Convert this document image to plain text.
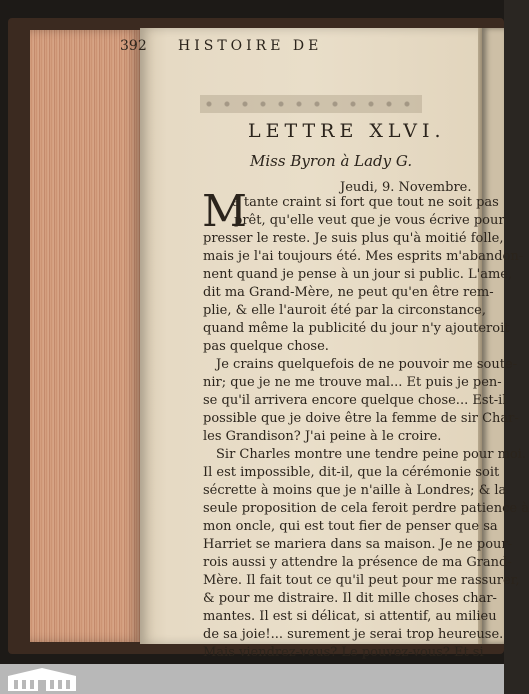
392 HISTOIRE DE
LETTRE XLVI.
Miss Byron à Lady G.
Jeudi, 9. Novembre.
M
a tante craint si fort que tout ne soit pas
prêt, qu'elle veut que je vous écrive pour
presser le reste. Je suis plus qu'à moitié folle,
mais je l'ai toujours été. Mes esprits m'abandon-
nent quand je pense à un jour si public. L'ame,
dit ma Grand-Mère, ne peut qu'en être rem-
plie, & elle l'auroit été par la circonstance,
quand même la publicité du jour n'y ajouteroit
pas quelque chose.
Je crains quelquefois de ne pouvoir me soute-
nir; que je ne me trouve mal... Et puis je pen-
se qu'il arrivera encore quelque chose... Est-il
possible que je doive être la femme de sir Char-
les Grandison? J'ai peine à le croire.
Sir Charles montre une tendre peine pour moi.
Il est impossible, dit-il, que la cérémonie soit
sécrette à moins que je n'aille à Londres; & la
seule proposition de cela feroit perdre patience à
mon oncle, qui est tout fier de penser que sa
Harriet se mariera dans sa maison. Je ne pour-
rois aussi y attendre la présence de ma Grand-
Mère. Il fait tout ce qu'il peut pour me rassurer,
& pour me distraire. Il dit mille choses char-
mantes. Il est si délicat, si attentif, au milieu
de sa joie!... surement je serai trop heureuse.
Mais viendrez-vous? Le pouvez-vous? Et si
